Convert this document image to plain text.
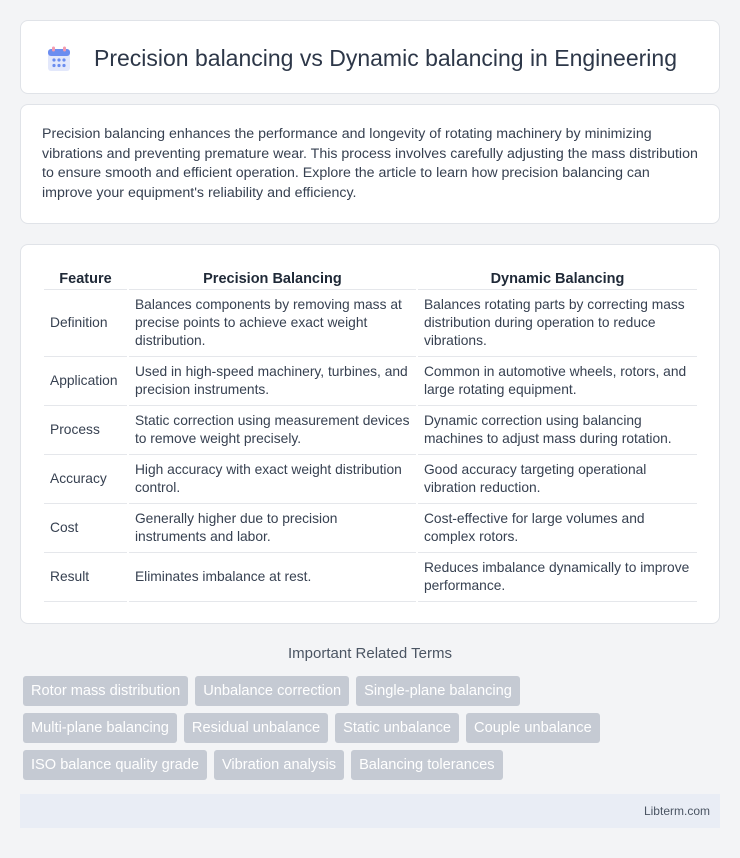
Precision balancing vs Dynamic balancing in Engineering

Precision balancing enhances the performance and longevity of rotating machinery by minimizing vibrations and preventing premature wear. This process involves carefully adjusting the mass distribution to ensure smooth and efficient operation. Explore the article to learn how precision balancing can improve your equipment's reliability and efficiency.

Feature	Precision Balancing	Dynamic Balancing
Definition	Balances components by removing mass at precise points to achieve exact weight distribution.	Balances rotating parts by correcting mass distribution during operation to reduce vibrations.
Application	Used in high-speed machinery, turbines, and precision instruments.	Common in automotive wheels, rotors, and large rotating equipment.
Process	Static correction using measurement devices to remove weight precisely.	Dynamic correction using balancing machines to adjust mass during rotation.
Accuracy	High accuracy with exact weight distribution control.	Good accuracy targeting operational vibration reduction.
Cost	Generally higher due to precision instruments and labor.	Cost-effective for large volumes and complex rotors.
Result	Eliminates imbalance at rest.	Reduces imbalance dynamically to improve performance.
Important Related Terms
Rotor mass distribution	Unbalance correction	Single-plane balancing
Multi-plane balancing	Residual unbalance	Static unbalance	Couple unbalance
ISO balance quality grade	Vibration analysis	Balancing tolerances
Libterm.com
